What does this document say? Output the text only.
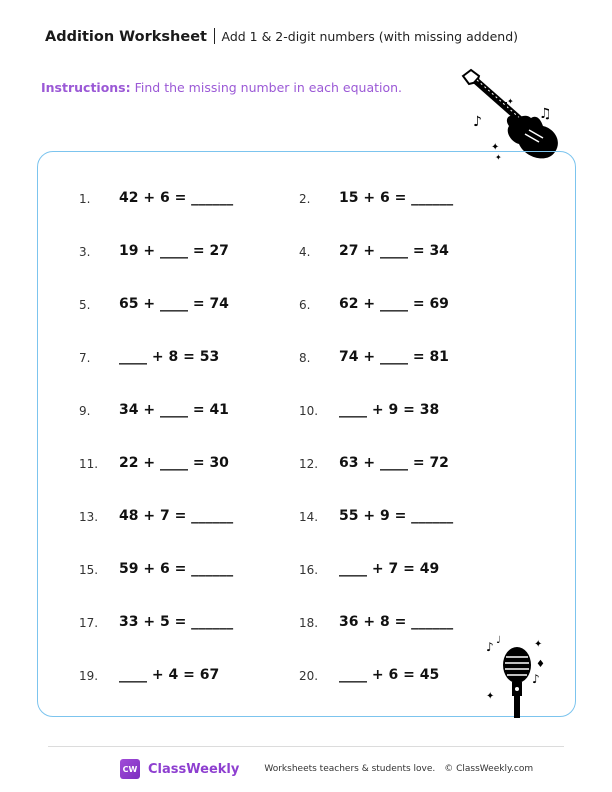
Addition Worksheet Add 1 & 2-digit numbers (with missing addend)
Instructions: Find the missing number in each equation.
✦
♪	♫
✦
✦
1. 42 + 6 = ______	2. 15 + 6 = ______
3. 19 + ____ = 27	4. 27 + ____ = 34
5. 65 + ____ = 74	6. 62 + ____ = 69
7. ____ + 8 = 53	8. 74 + ____ = 81
9. 34 + ____ = 41	10. ____ + 9 = 38
11. 22 + ____ = 30	12. 63 + ____ = 72
13. 48 + 7 = ______	14. 55 + 9 = ______
15. 59 + 6 = ______	16. ____ + 7 = 49
17. 33 + 5 = ______	18. 36 + 8 = ______
19. ____ + 4 = 67	20. ____ + 6 = 45
♪ ♩	✦
♦
♪
✦
CW ClassWeekly	Worksheets teachers & students love. © ClassWeekly.com
